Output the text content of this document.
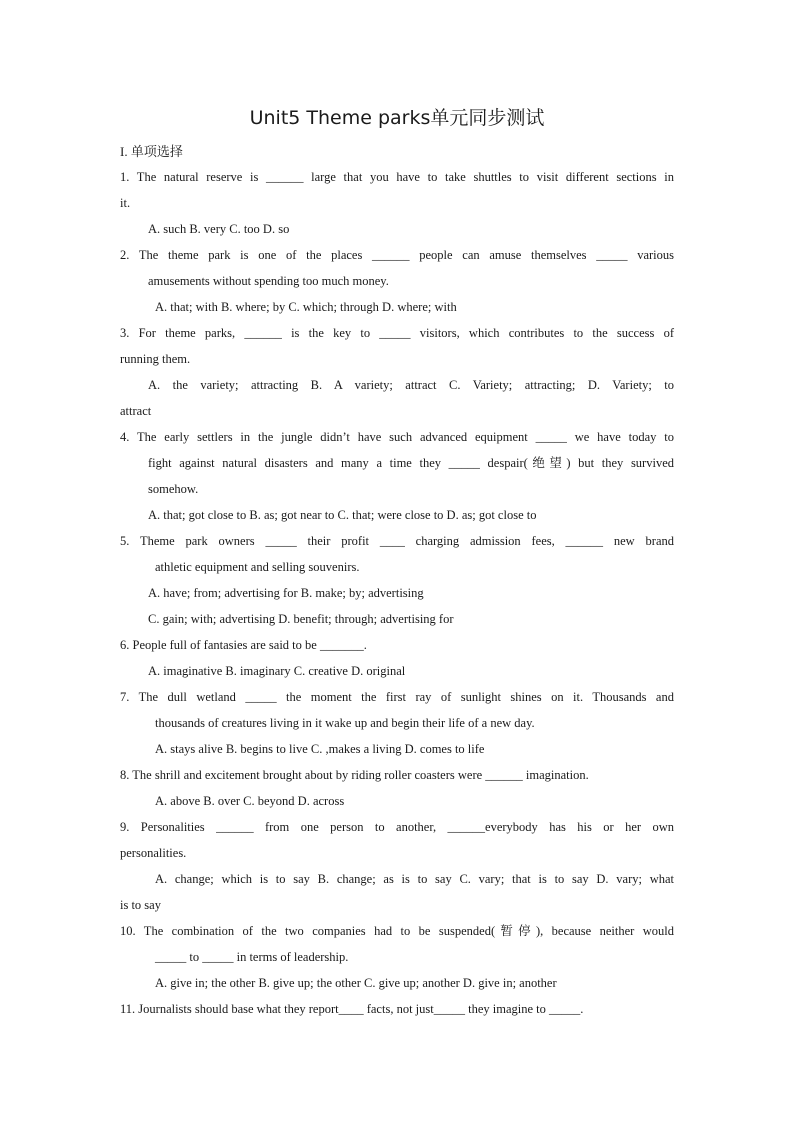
Unit5 Theme parks单元同步测试
I. 单项选择
1. The natural reserve is ______ large that you have to take shuttles to visit different sections in
it.
A. such B. very C. too D. so
2. The theme park is one of the places ______ people can amuse themselves _____ various
amusements without spending too much money.
A. that; with B. where; by C. which; through D. where; with
3. For theme parks, ______ is the key to _____ visitors, which contributes to the success of
running them.
A. the variety; attracting B. A variety; attract C. Variety; attracting; D. Variety; to
attract
4. The early settlers in the jungle didn’t have such advanced equipment _____ we have today to
fight against natural disasters and many a time they _____ despair(绝望) but they survived
somehow.
A. that; got close to B. as; got near to C. that; were close to D. as; got close to
5. Theme park owners _____ their profit ____ charging admission fees, ______ new brand
athletic equipment and selling souvenirs.
A. have; from; advertising for B. make; by; advertising
C. gain; with; advertising D. benefit; through; advertising for
6. People full of fantasies are said to be _______.
A. imaginative B. imaginary C. creative D. original
7. The dull wetland _____ the moment the first ray of sunlight shines on it. Thousands and
thousands of creatures living in it wake up and begin their life of a new day.
A. stays alive B. begins to live C. ,makes a living D. comes to life
8. The shrill and excitement brought about by riding roller coasters were ______ imagination.
A. above B. over C. beyond D. across
9. Personalities ______ from one person to another, ______everybody has his or her own
personalities.
A. change; which is to say B. change; as is to say C. vary; that is to say D. vary; what
is to say
10. The combination of the two companies had to be suspended(暂停), because neither would
_____ to _____ in terms of leadership.
A. give in; the other B. give up; the other C. give up; another D. give in; another
11. Journalists should base what they report____ facts, not just_____ they imagine to _____.
